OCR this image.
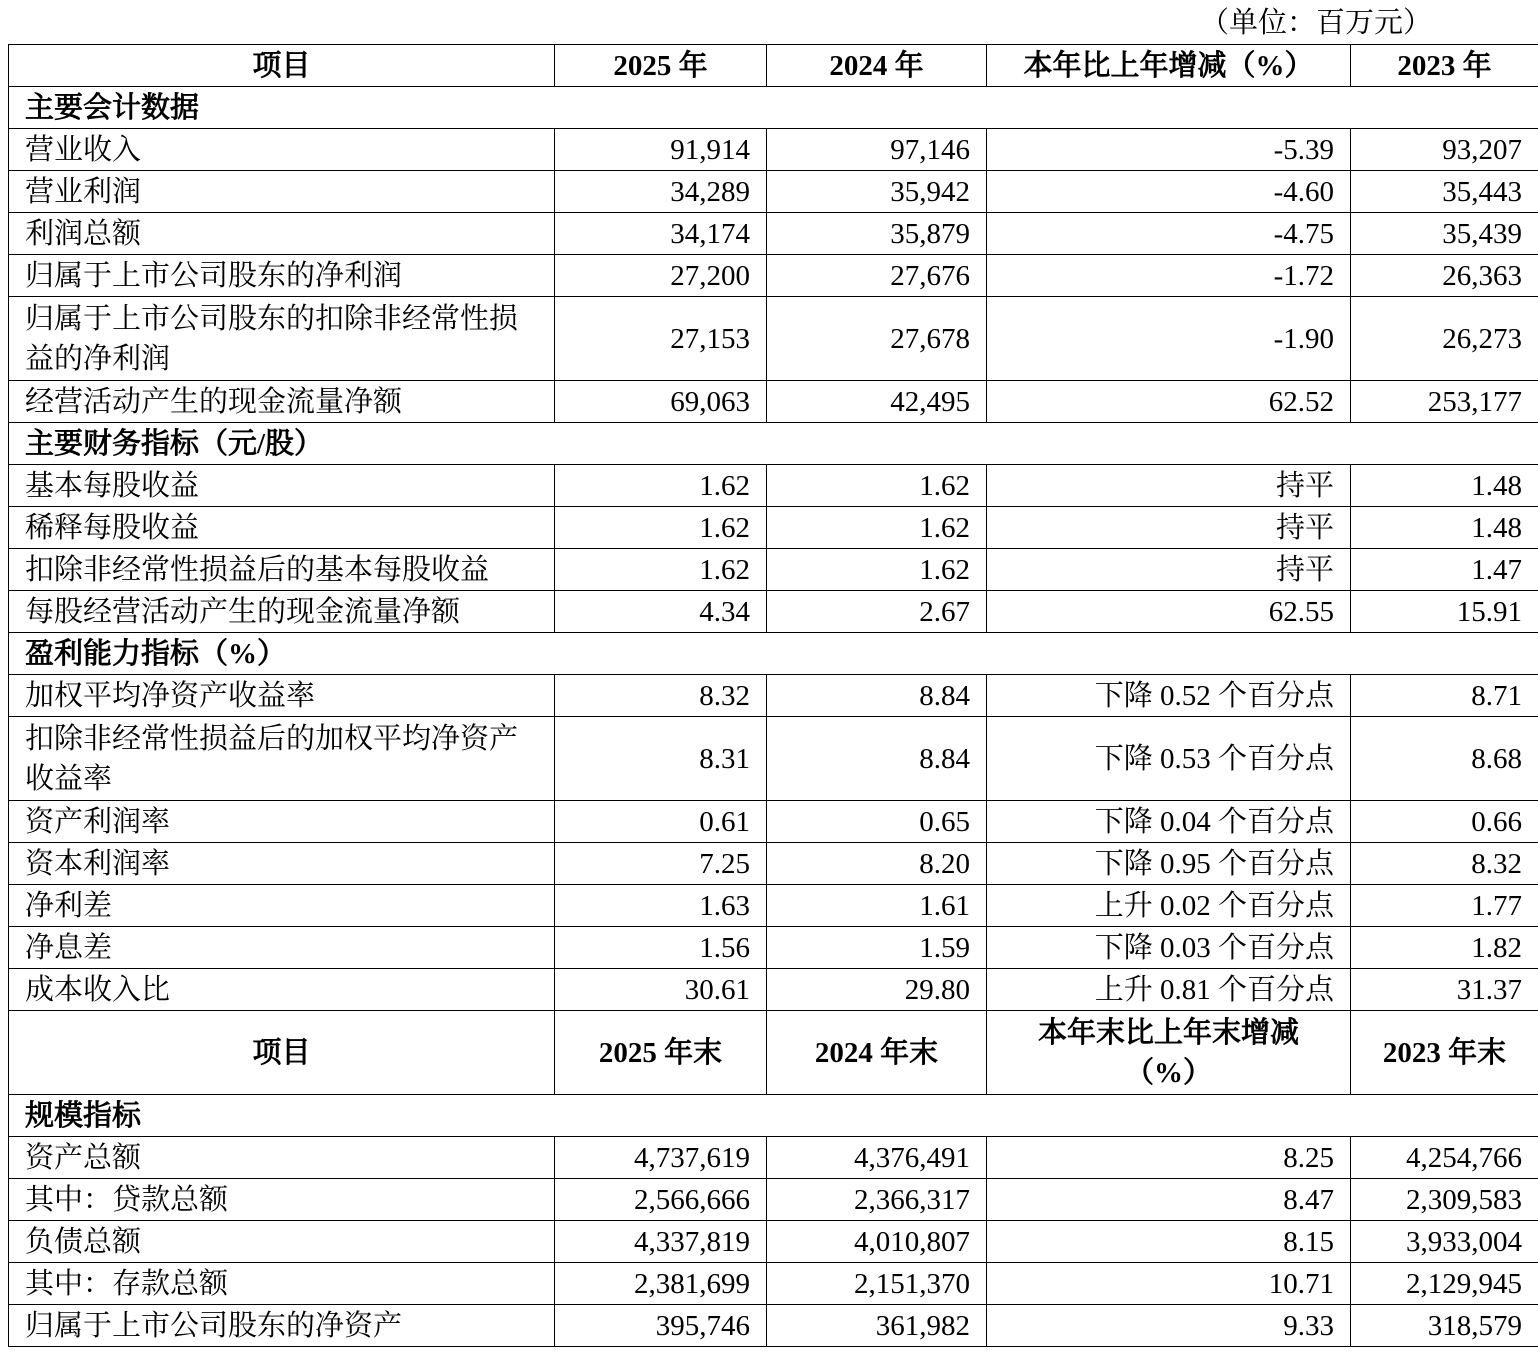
（单位：百万元）
项目	2025 年	2024 年	本年比上年增减（%）	2023 年
主要会计数据				
营业收入	91,914	97,146	-5.39	93,207
营业利润	34,289	35,942	-4.60	35,443
利润总额	34,174	35,879	-4.75	35,439
归属于上市公司股东的净利润	27,200	27,676	-1.72	26,363
归属于上市公司股东的扣除非经常性损益的净利润	27,153	27,678	-1.90	26,273
经营活动产生的现金流量净额	69,063	42,495	62.52	253,177
主要财务指标（元/股）				
基本每股收益	1.62	1.62	持平	1.48
稀释每股收益	1.62	1.62	持平	1.48
扣除非经常性损益后的基本每股收益	1.62	1.62	持平	1.47
每股经营活动产生的现金流量净额	4.34	2.67	62.55	15.91
盈利能力指标（%）				
加权平均净资产收益率	8.32	8.84	下降 0.52 个百分点	8.71
扣除非经常性损益后的加权平均净资产收益率	8.31	8.84	下降 0.53 个百分点	8.68
资产利润率	0.61	0.65	下降 0.04 个百分点	0.66
资本利润率	7.25	8.20	下降 0.95 个百分点	8.32
净利差	1.63	1.61	上升 0.02 个百分点	1.77
净息差	1.56	1.59	下降 0.03 个百分点	1.82
成本收入比	30.61	29.80	上升 0.81 个百分点	31.37
项目	2025 年末	2024 年末	本年末比上年末增减（%）	2023 年末
规模指标				
资产总额	4,737,619	4,376,491	8.25	4,254,766
其中：贷款总额	2,566,666	2,366,317	8.47	2,309,583
负债总额	4,337,819	4,010,807	8.15	3,933,004
其中：存款总额	2,381,699	2,151,370	10.71	2,129,945
归属于上市公司股东的净资产	395,746	361,982	9.33	318,579
